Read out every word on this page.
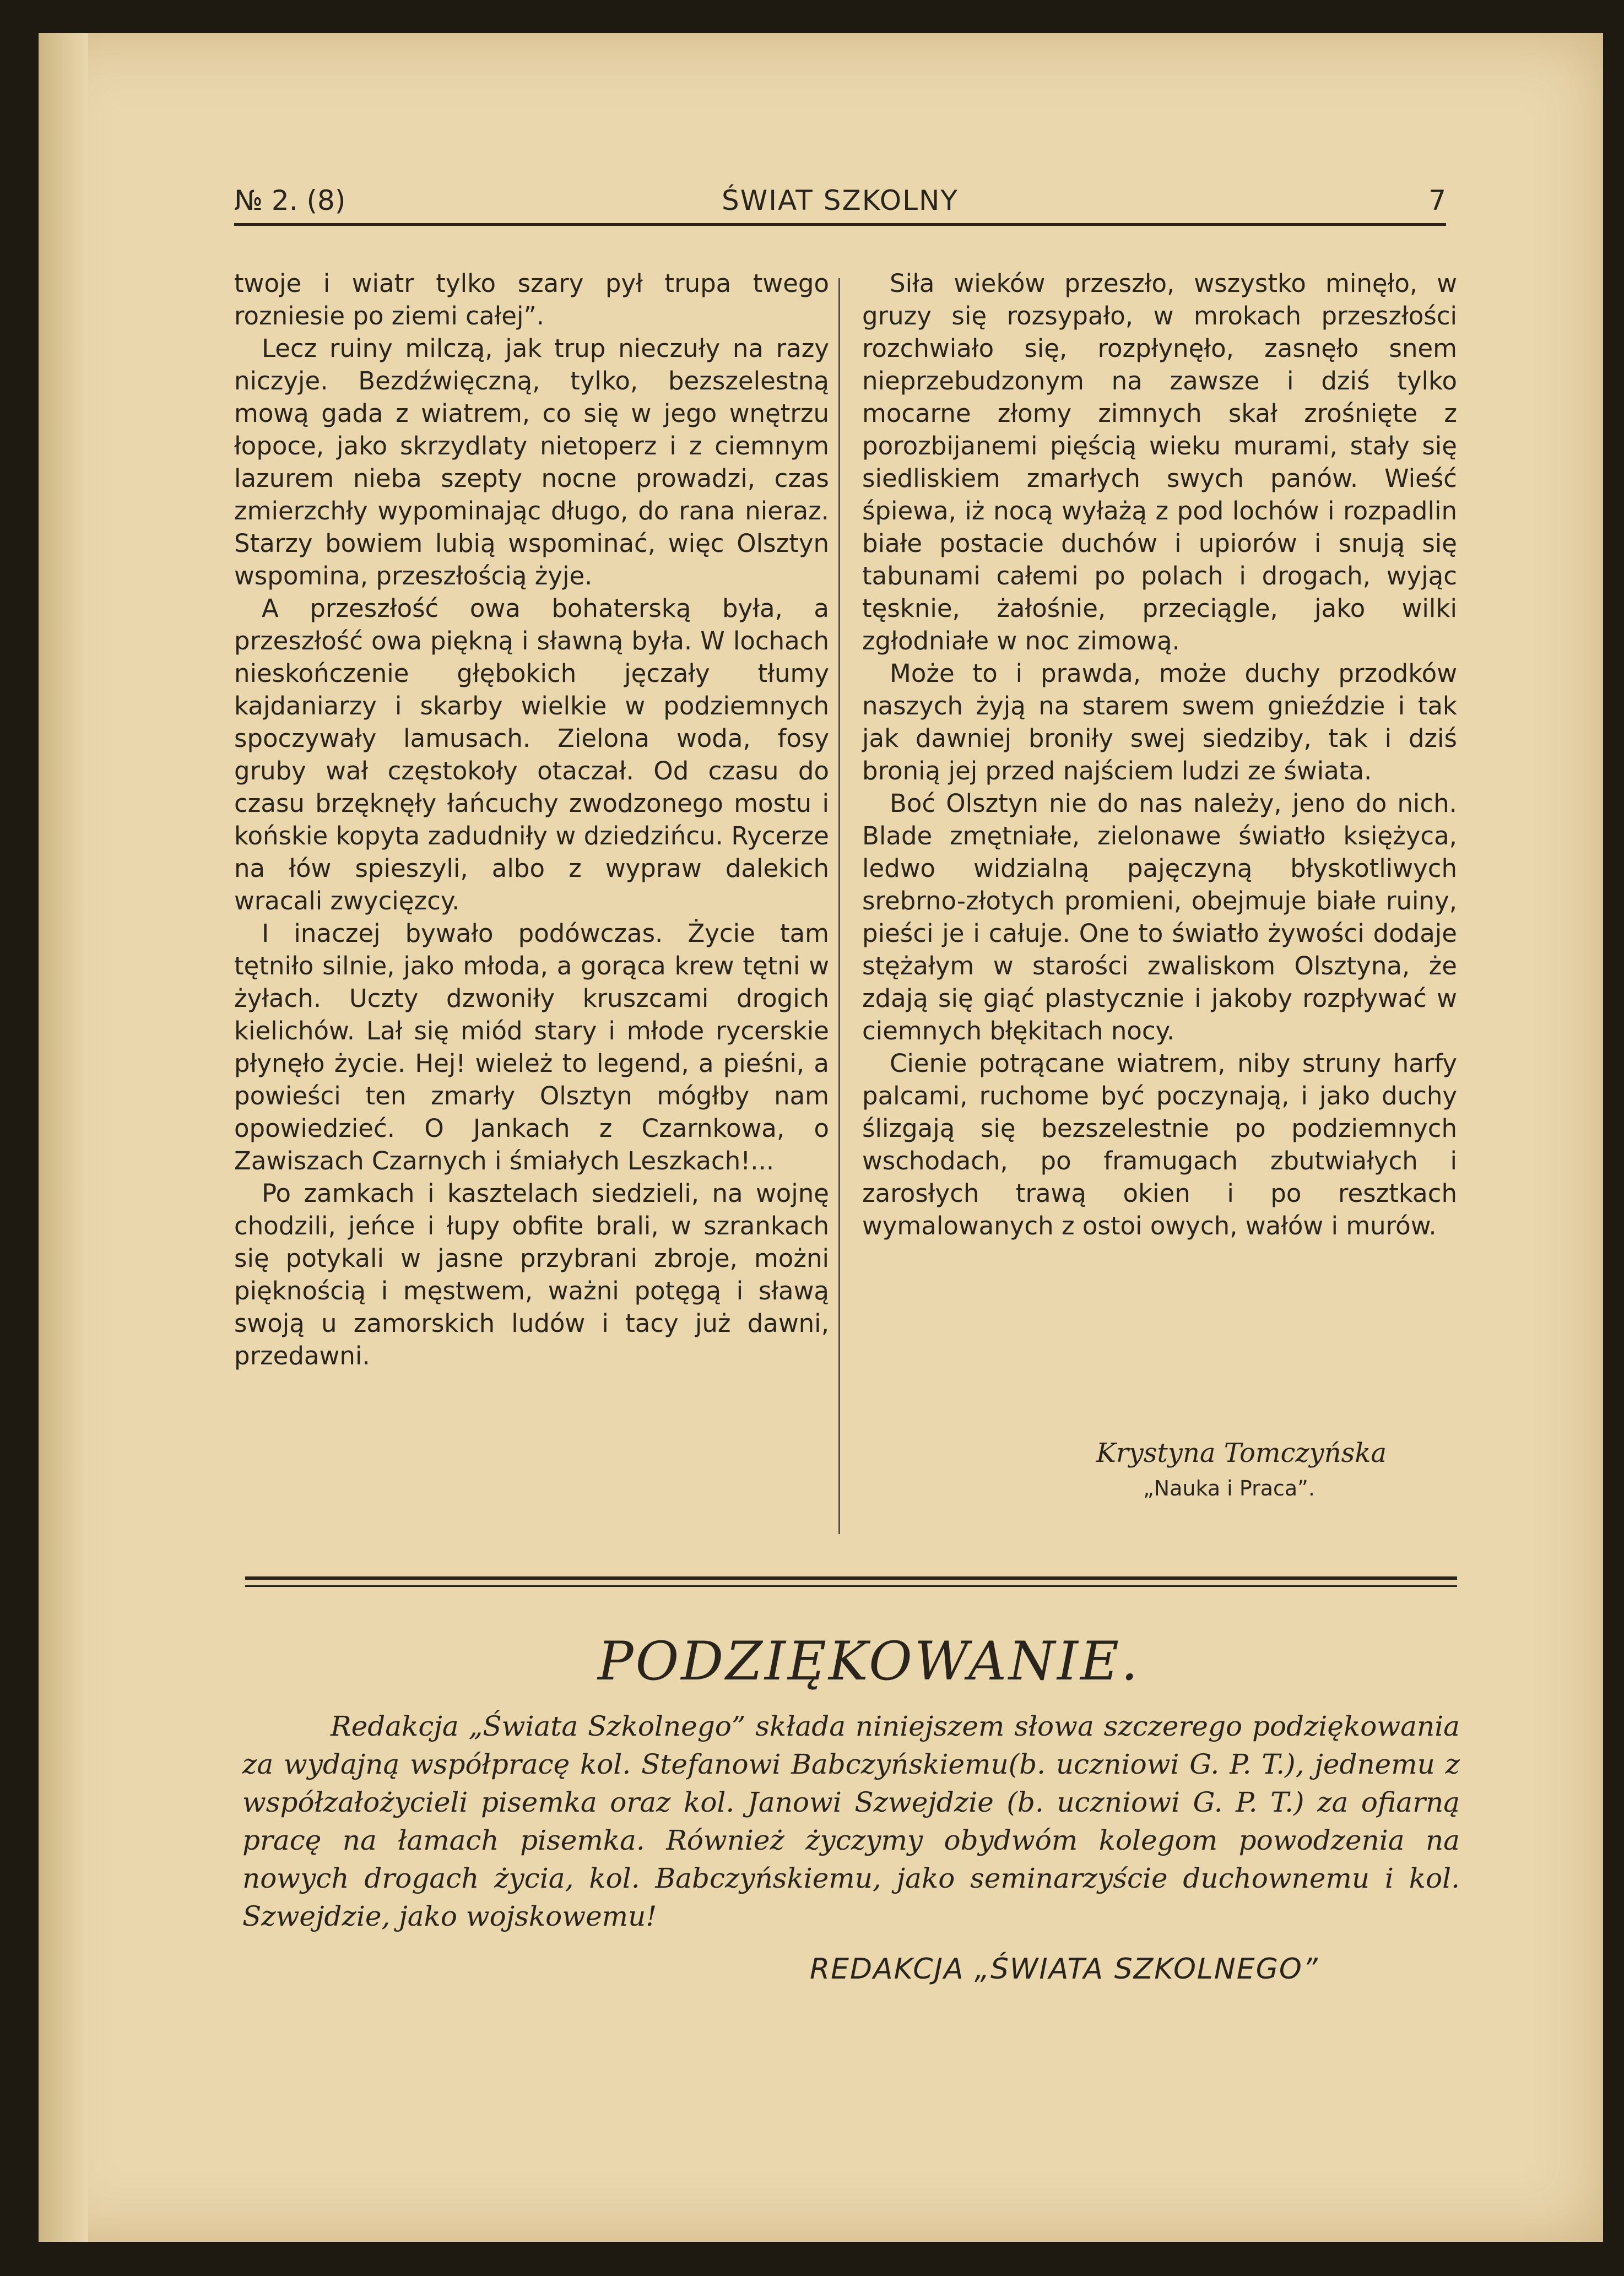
ŚWIAT SZKOLNY
№ 2. (8)	7

twoje i wiatr tylko szary pył trupa twego rozniesie po ziemi całej”.

Lecz ruiny milczą, jak trup nieczuły na razy niczyje. Bezdźwięczną, tylko, bezszelestną mową gada z wiatrem, co się w jego wnętrzu łopoce, jako skrzydlaty nietoperz i z ciemnym lazurem nieba szepty nocne prowadzi, czas zmierzchły wypominając długo, do rana nieraz. Starzy bowiem lubią wspominać, więc Olsztyn wspomina, przeszłością żyje.

A przeszłość owa bohaterską była, a przeszłość owa piękną i sławną była. W lochach nieskończenie głębokich jęczały tłumy kajdaniarzy i skarby wielkie w podziemnych spoczywały lamusach. Zielona woda, fosy gruby wał częstokoły otaczał. Od czasu do czasu brzęknęły łańcuchy zwodzonego mostu i końskie kopyta zadudniły w dziedzińcu. Rycerze na łów spieszyli, albo z wypraw dalekich wracali zwycięzcy.

I inaczej bywało podówczas. Życie tam tętniło silnie, jako młoda, a gorąca krew tętni w żyłach. Uczty dzwoniły kruszcami drogich kielichów. Lał się miód stary i młode rycerskie płynęło życie. Hej! wieleż to legend, a pieśni, a powieści ten zmarły Olsztyn mógłby nam opowiedzieć. O Jankach z Czarnkowa, o Zawiszach Czarnych i śmiałych Leszkach!...

Po zamkach i kasztelach siedzieli, na wojnę chodzili, jeńce i łupy obfite brali, w szrankach się potykali w jasne przybrani zbroje, możni pięknością i męstwem, ważni potęgą i sławą swoją u zamorskich ludów i tacy już dawni, przedawni.

Siła wieków przeszło, wszystko minęło, w gruzy się rozsypało, w mrokach przeszłości rozchwiało się, rozpłynęło, zasnęło snem nieprzebudzonym na zawsze i dziś tylko mocarne złomy zimnych skał zrośnięte z porozbijanemi pięścią wieku murami, stały się siedliskiem zmarłych swych panów. Wieść śpiewa, iż nocą wyłażą z pod lochów i rozpadlin białe postacie duchów i upiorów i snują się tabunami całemi po polach i drogach, wyjąc tęsknie, żałośnie, przeciągle, jako wilki zgłodniałe w noc zimową.

Może to i prawda, może duchy przodków naszych żyją na starem swem gnieździe i tak jak dawniej broniły swej siedziby, tak i dziś bronią jej przed najściem ludzi ze świata.

Boć Olsztyn nie do nas należy, jeno do nich. Blade zmętniałe, zielonawe światło księżyca, ledwo widzialną pajęczyną błyskotliwych srebrno-złotych promieni, obejmuje białe ruiny, pieści je i całuje. One to światło żywości dodaje stężałym w starości zwaliskom Olsztyna, że zdają się giąć plastycznie i jakoby rozpływać w ciemnych błękitach nocy.

Cienie potrącane wiatrem, niby struny harfy palcami, ruchome być poczynają, i jako duchy ślizgają się bezszelestnie po podziemnych wschodach, po framugach zbutwiałych i zarosłych trawą okien i po resztkach wymalowanych z ostoi owych, wałów i murów.

Krystyna Tomczyńska
„Nauka i Praca”.
PODZIĘKOWANIE.
Redakcja „Świata Szkolnego” składa niniejszem słowa szczerego podziękowania za wydajną współpracę kol. Stefanowi Babczyńskiemu(b. uczniowi G. P. T.), jednemu z współzałożycieli pisemka oraz kol. Janowi Szwejdzie (b. uczniowi G. P. T.) za ofiarną pracę na łamach pisemka. Również życzymy obydwóm kolegom powodzenia na nowych drogach życia, kol. Babczyńskiemu, jako seminarzyście duchownemu i kol. Szwejdzie, jako wojskowemu!
REDAKCJA „ŚWIATA SZKOLNEGO”
